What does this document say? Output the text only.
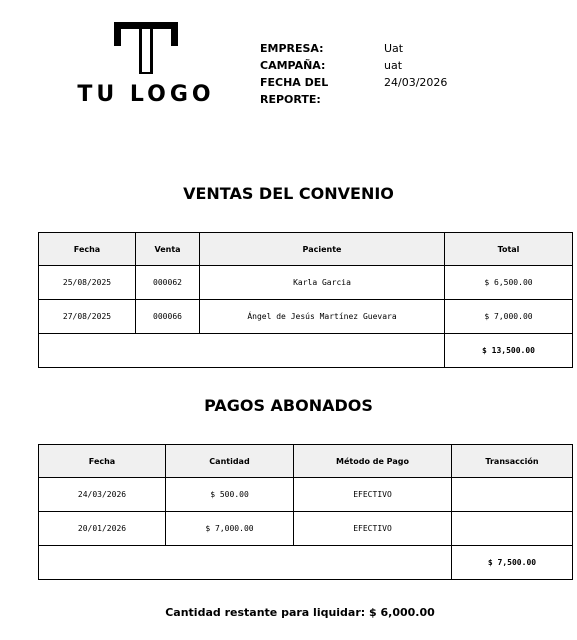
TU LOGO
EMPRESA:	Uat
CAMPAÑA:	uat
FECHA DEL REPORTE:
24/03/2026
VENTAS DEL CONVENIO
Fecha	Venta	Paciente	Total
25/08/2025	000062	Karla Garcia	$ 6,500.00
27/08/2025	000066	Ángel de Jesús Martínez Guevara	$ 7,000.00
			$ 13,500.00
PAGOS ABONADOS
Fecha	Cantidad	Método de Pago	Transacción
24/03/2026	$ 500.00	EFECTIVO	
20/01/2026	$ 7,000.00	EFECTIVO	
			$ 7,500.00
Cantidad restante para liquidar: $ 6,000.00
